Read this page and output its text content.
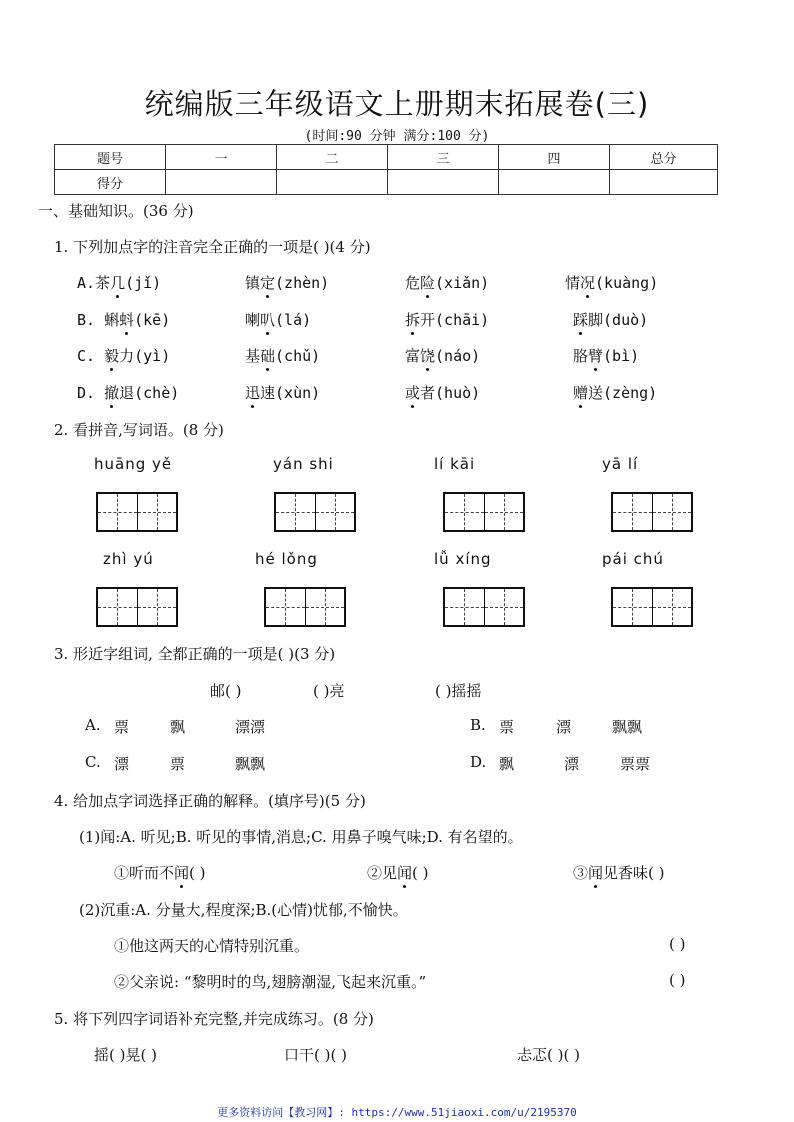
统编版三年级语文上册期末拓展卷(三)
(时间:90 分钟 满分:100 分)
题号	一	二	三	四	总分
得分					
一、基础知识。(36 分)
1. 下列加点字的注音完全正确的一项是( )(4 分)
A.茶几(jǐ)	镇定(zhèn)	危险(xiǎn)	情况(kuàng)
B. 蝌蚪(kē)	喇叭(lá)	拆开(chāi)	踩脚(duò)
C. 毅力(yì)	基础(chǔ)	富饶(náo)	胳臂(bì)
D. 撤退(chè)	迅速(xùn)	或者(huò)	赠送(zèng)
2. 看拼音,写词语。(8 分)
huāng yě	yán shi	lí kāi	yā lí
zhì yú	hé lǒng	lǚ xíng	pái chú
3. 形近字组词, 全都正确的一项是( )(3 分)
邮( )	( )亮	( )摇摇
A. 票	飘	漂漂	B. 票	漂	飘飘
C. 漂	票	飘飘	D. 飘	漂	票票
4. 给加点字词选择正确的解释。(填序号)(5 分)
(1)闻:A. 听见;B. 听见的事情,消息;C. 用鼻子嗅气味;D. 有名望的。
①听而不闻( )	②见闻( )	③闻见香味( )
(2)沉重:A. 分量大,程度深;B.(心情)忧郁,不愉快。
①他这两天的心情特别沉重。	( )
②父亲说: “黎明时的鸟,翅膀潮湿,飞起来沉重。”	( )
5. 将下列四字词语补充完整,并完成练习。(8 分)
摇( )晃( )	口干( )( )	忐忑( )( )
更多资料访问【教习网】: https://www.51jiaoxi.com/u/2195370
